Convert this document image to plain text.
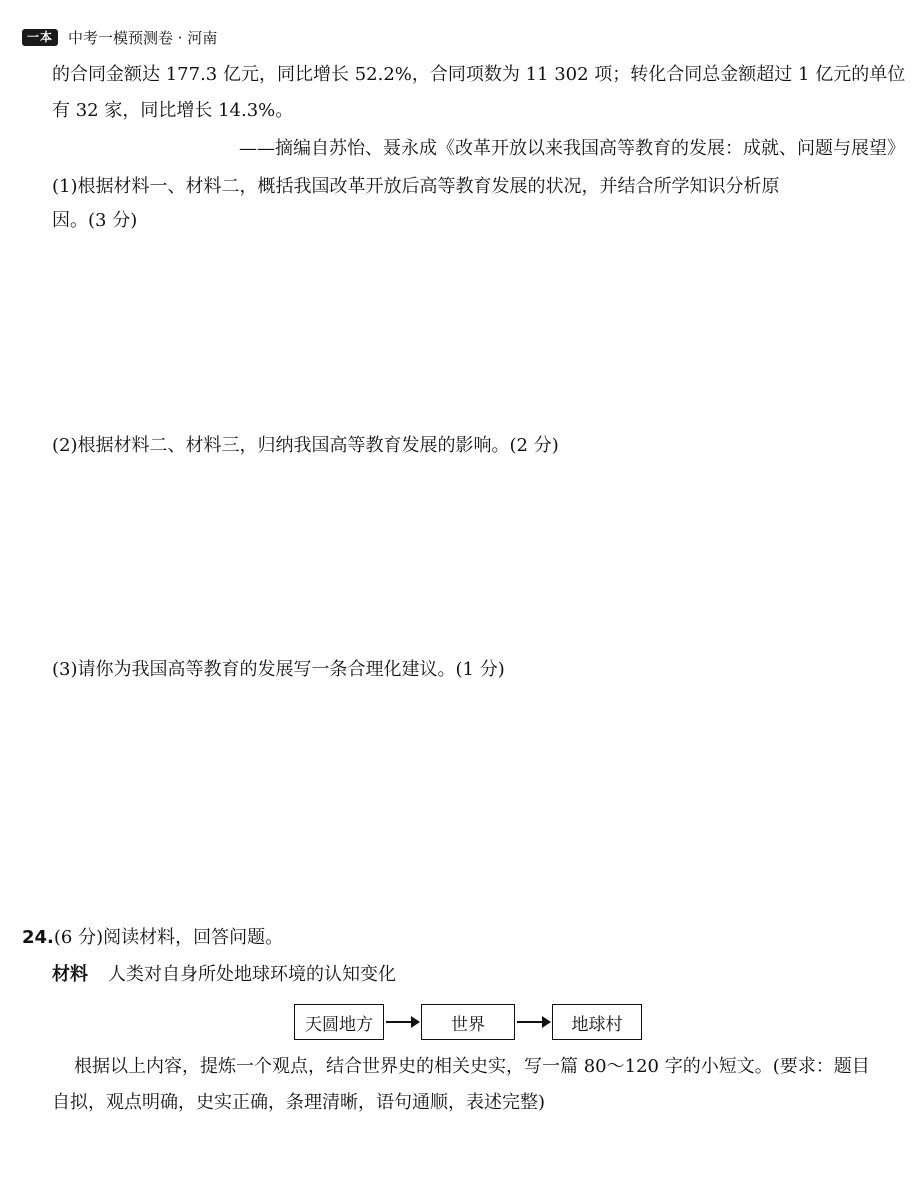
一本	中考一模预测卷 · 河南
的合同金额达 177.3 亿元，同比增长 52.2%，合同项数为 11 302 项；转化合同总金额超过 1 亿元的单位
有 32 家，同比增长 14.3%。
——摘编自苏怡、聂永成《改革开放以来我国高等教育的发展：成就、问题与展望》
(1)根据材料一、材料二，概括我国改革开放后高等教育发展的状况，并结合所学知识分析原
因。(3 分)
(2)根据材料二、材料三，归纳我国高等教育发展的影响。(2 分)
(3)请你为我国高等教育的发展写一条合理化建议。(1 分)
24.(6 分)阅读材料，回答问题。
材料 人类对自身所处地球环境的认知变化
天圆地方	世界	地球村
根据以上内容，提炼一个观点，结合世界史的相关史实，写一篇 80～120 字的小短文。(要求：题目
自拟，观点明确，史实正确，条理清晰，语句通顺，表述完整)
